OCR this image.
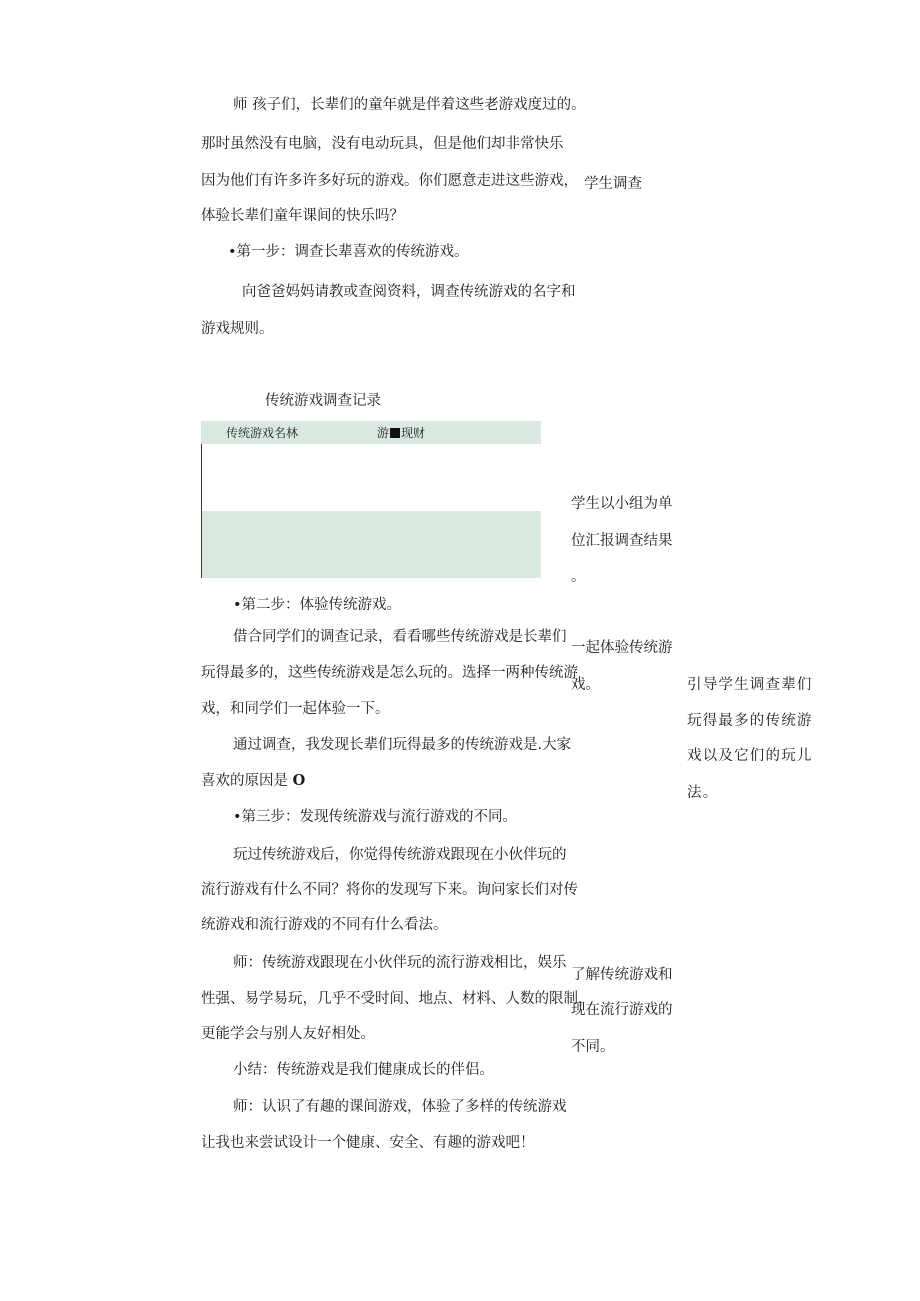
师 孩子们，长辈们的童年就是伴着这些老游戏度过的。
那时虽然没有电脑，没有电动玩具，但是他们却非常快乐
因为他们有许多许多好玩的游戏。你们愿意走进这些游戏，
体验长辈们童年课间的快乐吗？
•第一步：调查长辈喜欢的传统游戏。
向爸爸妈妈请教或查阅资料，调查传统游戏的名字和
游戏规则。
传统游戏调查记录
传统游戏名林	游 现财
•第二步：体验传统游戏。
借合同学们的调查记录，看看哪些传统游戏是长辈们
玩得最多的，这些传统游戏是怎么玩的。选择一两种传统游
戏，和同学们一起体验一下。
通过调查，我发现长辈们玩得最多的传统游戏是.大家
喜欢的原因是 O
•第三步：发现传统游戏与流行游戏的不同。
玩过传统游戏后，你觉得传统游戏跟现在小伙伴玩的
流行游戏有什么不同？将你的发现写下来。询问家长们对传
统游戏和流行游戏的不同有什么看法。
师：传统游戏跟现在小伙伴玩的流行游戏相比，娱乐
性强、易学易玩，几乎不受时间、地点、材料、人数的限制，
更能学会与别人友好相处。
小结：传统游戏是我们健康成长的伴侣。
师：认识了有趣的课间游戏，体验了多样的传统游戏
让我也来尝试设计一个健康、安全、有趣的游戏吧！
学生调查
学生以小组为单
位汇报调查结果
。
一起体验传统游
戏。
了解传统游戏和
现在流行游戏的
不同。
引导学生调查辈们
玩得最多的传统游
戏以及它们的玩儿
法。
